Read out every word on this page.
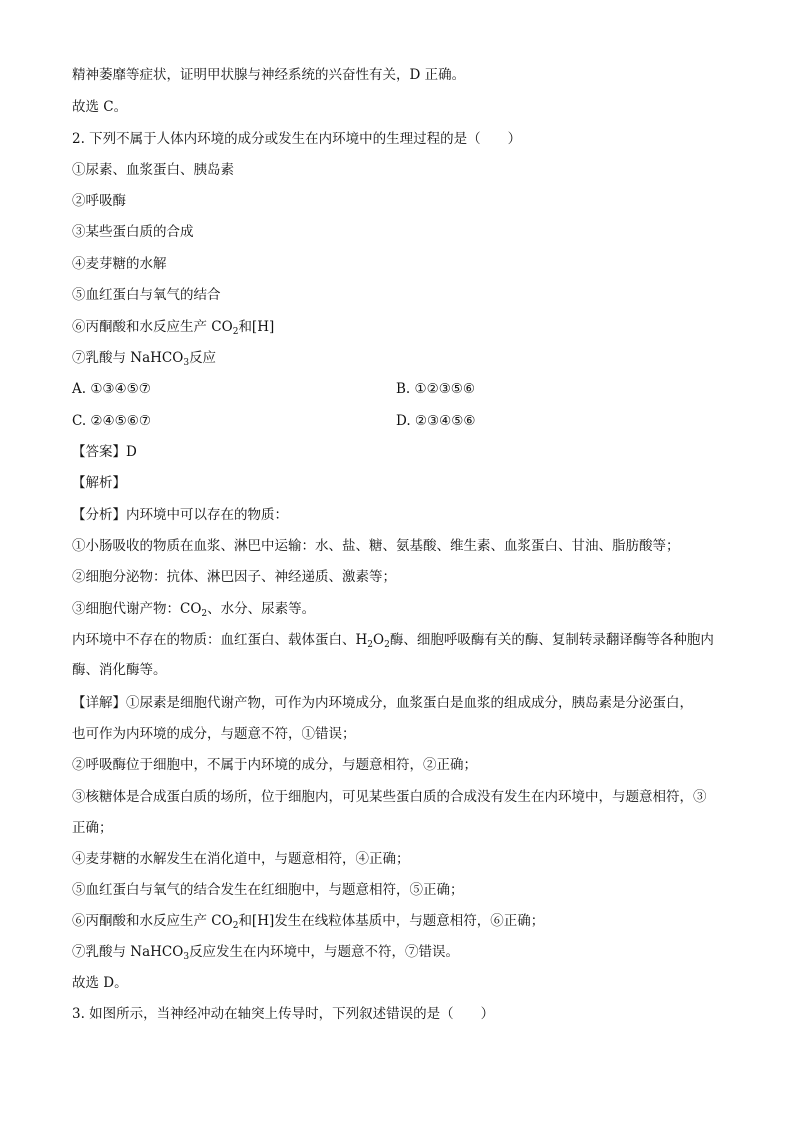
精神萎靡等症状，证明甲状腺与神经系统的兴奋性有关，D 正确。
故选 C。
2. 下列不属于人体内环境的成分或发生在内环境中的生理过程的是（　　）
①尿素、血浆蛋白、胰岛素
②呼吸酶
③某些蛋白质的合成
④麦芽糖的水解
⑤血红蛋白与氧气的结合
⑥丙酮酸和水反应生产 $CO_2$和[H]
⑦乳酸与 NaHCO$_3$反应
A. ①③④⑤⑦	B. ①②③⑤⑥
C. ②④⑤⑥⑦	D. ②③④⑤⑥
【答案】D
【解析】
【分析】内环境中可以存在的物质：
①小肠吸收的物质在血浆、淋巴中运输：水、盐、糖、氨基酸、维生素、血浆蛋白、甘油、脂肪酸等；
②细胞分泌物：抗体、淋巴因子、神经递质、激素等；
③细胞代谢产物：$CO_2$、水分、尿素等。
内环境中不存在的物质：血红蛋白、载体蛋白、$H_2O_2$酶、细胞呼吸酶有关的酶、复制转录翻译酶等各种胞内
酶、消化酶等。
【详解】①尿素是细胞代谢产物，可作为内环境成分，血浆蛋白是血浆的组成成分，胰岛素是分泌蛋白，
也可作为内环境的成分，与题意不符，①错误；
②呼吸酶位于细胞中，不属于内环境的成分，与题意相符，②正确；
③核糖体是合成蛋白质的场所，位于细胞内，可见某些蛋白质的合成没有发生在内环境中，与题意相符，③
正确；
④麦芽糖的水解发生在消化道中，与题意相符，④正确；
⑤血红蛋白与氧气的结合发生在红细胞中，与题意相符，⑤正确；
⑥丙酮酸和水反应生产 $CO_2$和[H]发生在线粒体基质中，与题意相符，⑥正确；
⑦乳酸与 NaHCO$_3$反应发生在内环境中，与题意不符，⑦错误。
故选 D。
3. 如图所示，当神经冲动在轴突上传导时，下列叙述错误的是（　　）
